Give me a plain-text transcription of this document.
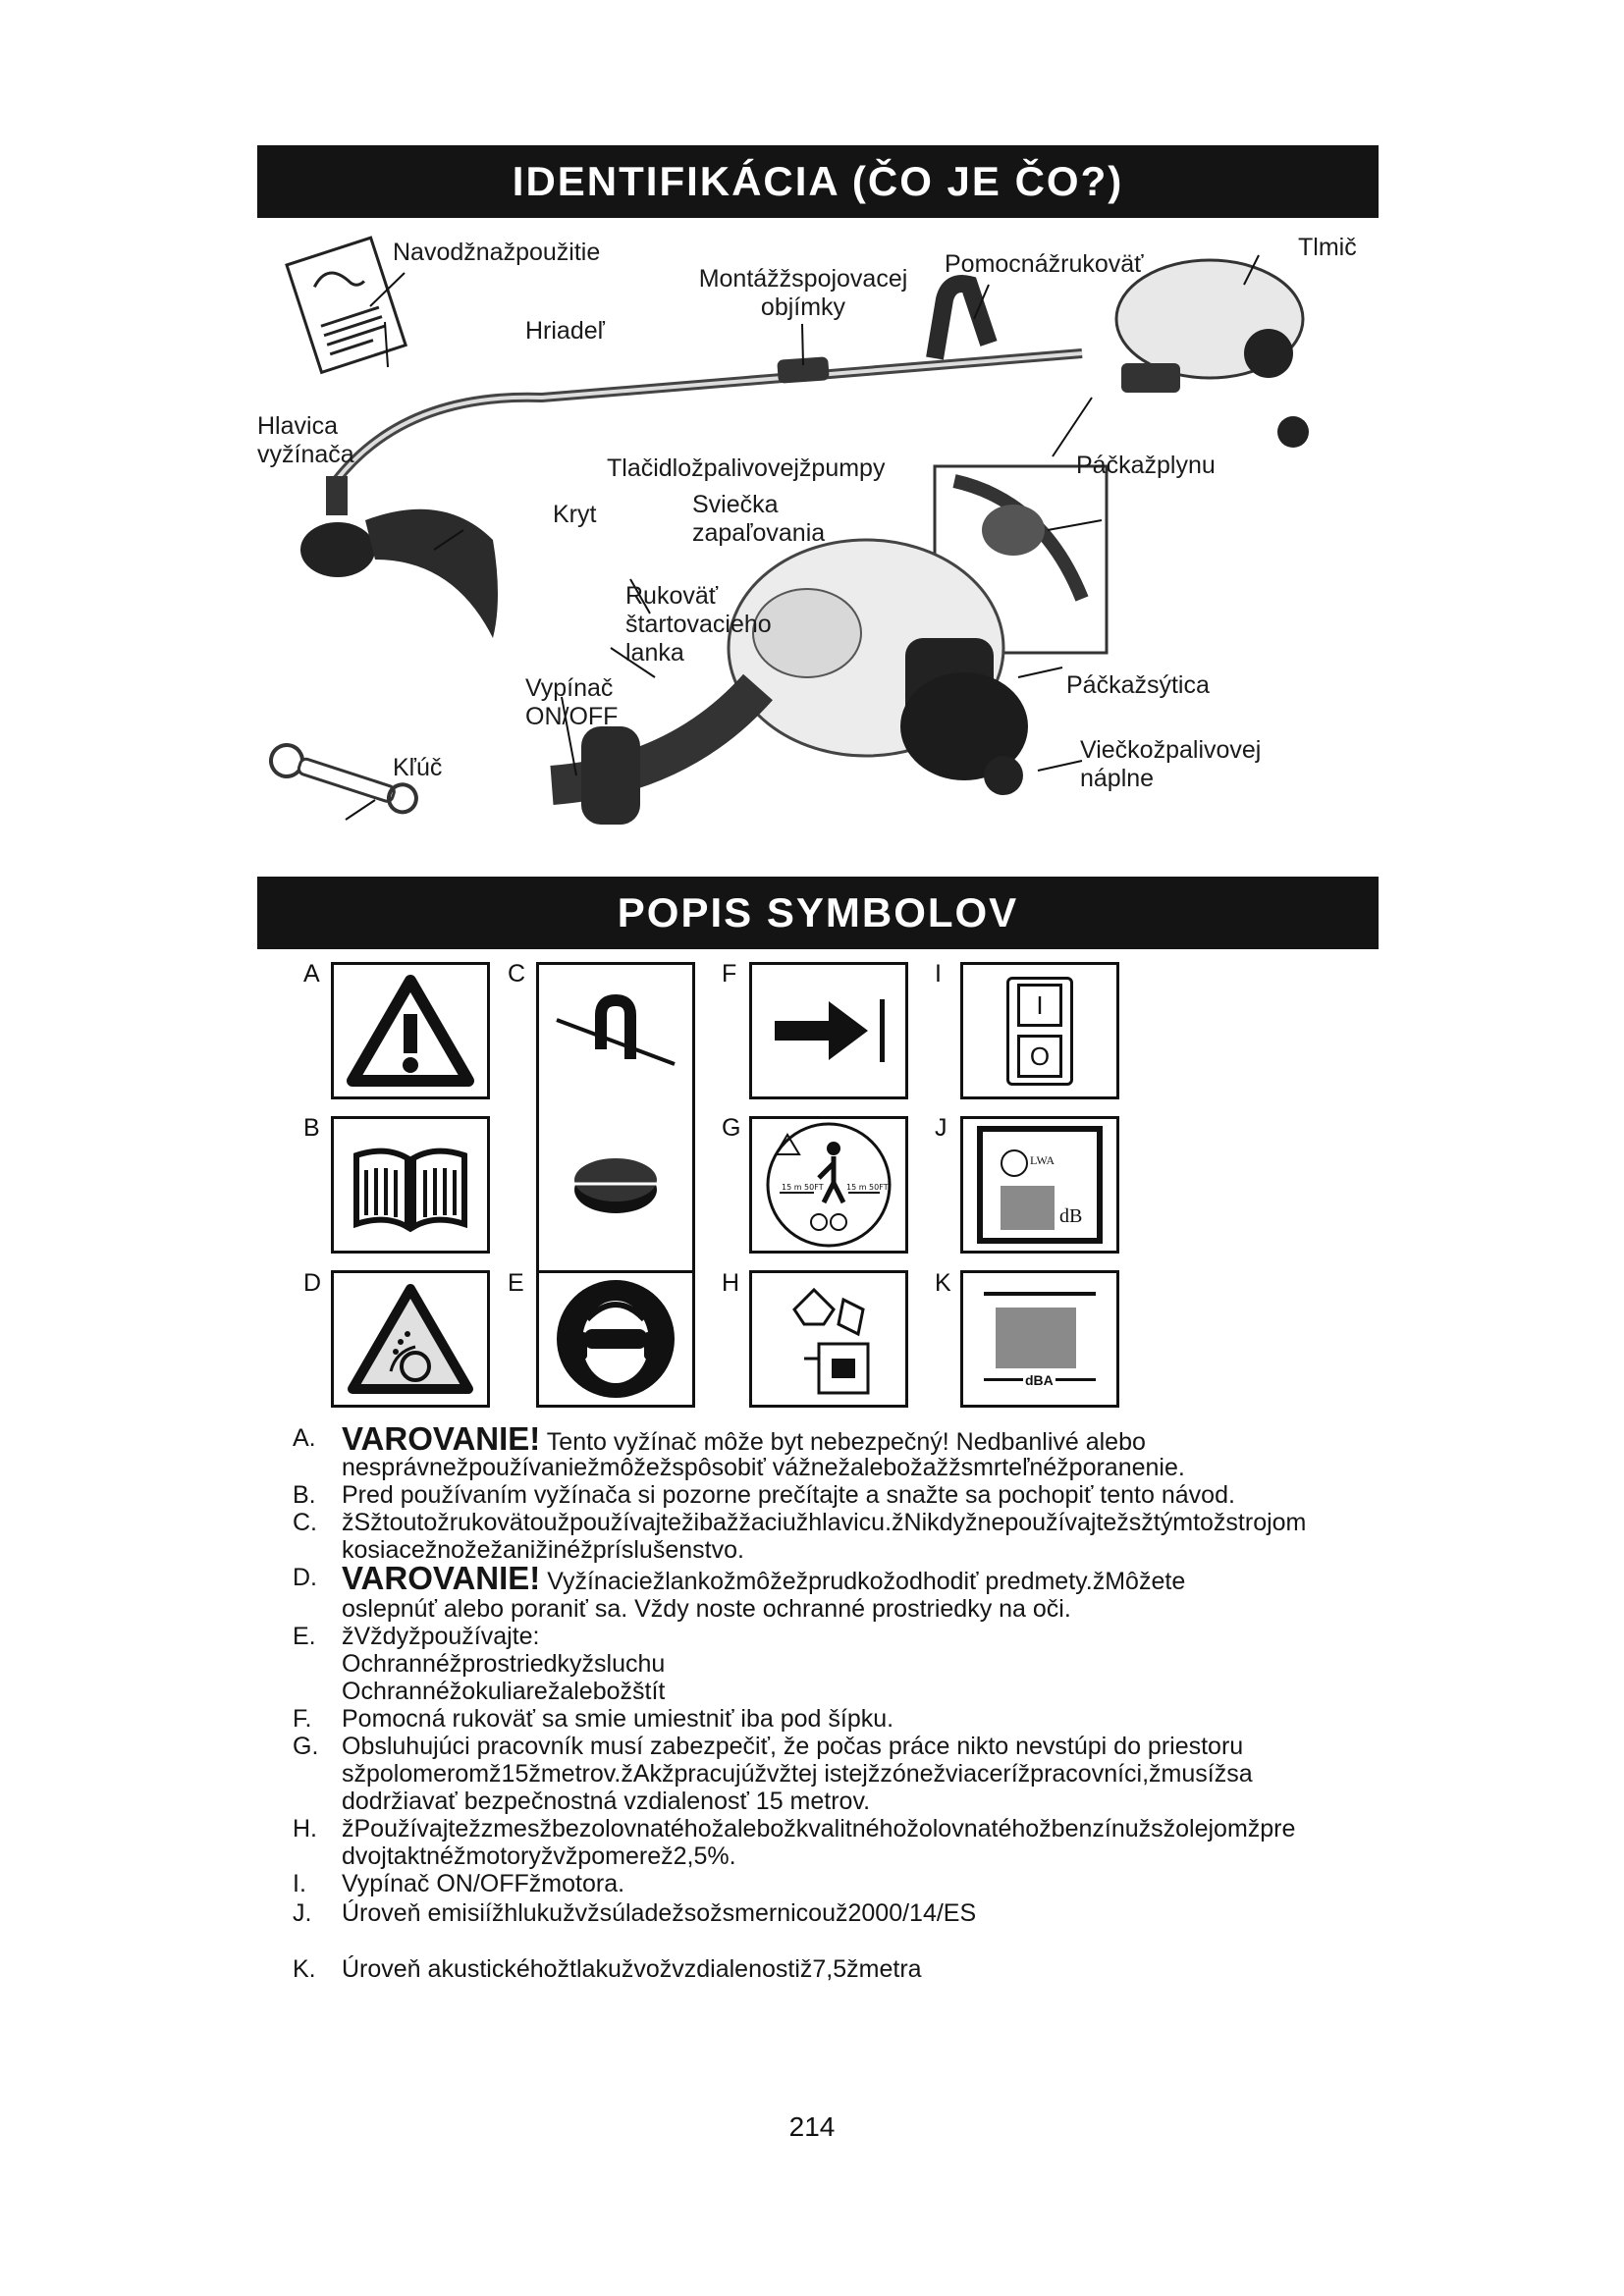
IDENTIFIKÁCIA (ČO JE ČO?)
Navodžnažpoužitie
Hriadeľ
Montážžspojovacej objímky
Pomocnážrukoväť
Tlmič
Hlavica vyžínača	Tlačidložpalivovejžpumpy	Páčkažplynu
Kryt	Sviečka zapaľovania
Rukoväť štartovacieho lanka
Páčkažsýtica
Vypínač ON/OFF
Viečkožpalivovej náplne
Kľúč
POPIS SYMBOLOV
A
B
C
D	E
F
G
H
I
J
K
15 m 50FT	15 m 50FT
I
O
LWA
dB
dBA
A. VAROVANIE! Tento vyžínač môže byt nebezpečný! Nedbanlivé alebo
nesprávnežpoužívaniežmôžežspôsobiť vážnežalebožažžsmrteľnéžporanenie.
B. Pred používaním vyžínača si pozorne prečítajte a snažte sa pochopiť tento návod.
C. žSžtoutožrukovätoužpoužívajtežibažžaciužhlavicu.žNikdyžnepoužívajtežsžtýmtožstrojom
kosiacežnožežanižinéžpríslušenstvo.
D. VAROVANIE! Vyžínaciežlankožmôžežprudkožodhodiť predmety.žMôžete
oslepnúť alebo poraniť sa. Vždy noste ochranné prostriedky na oči.
E. žVždyžpoužívajte:
Ochrannéžprostriedkyžsluchu
Ochrannéžokuliarežalebožštít
F. Pomocná rukoväť sa smie umiestniť iba pod šípku.
G. Obsluhujúci pracovník musí zabezpečiť, že počas práce nikto nevstúpi do priestoru
sžpolomeromž15žmetrov.žAkžpracujúžvžtej istejžzónežviacerížpracovníci,žmusížsa
dodržiavať bezpečnostná vzdialenosť 15 metrov.
H. žPoužívajtežzmesžbezolovnatéhožalebožkvalitnéhožolovnatéhožbenzínužsžolejomžpre
dvojtaktnéžmotoryžvžpomerež2,5%.
I. Vypínač ON/OFFžmotora.
J. Úroveň emisiížhlukužvžsúladežsožsmernicouž2000/14/ES
K. Úroveň akustickéhožtlakužvožvzdialenostiž7,5žmetra
214
